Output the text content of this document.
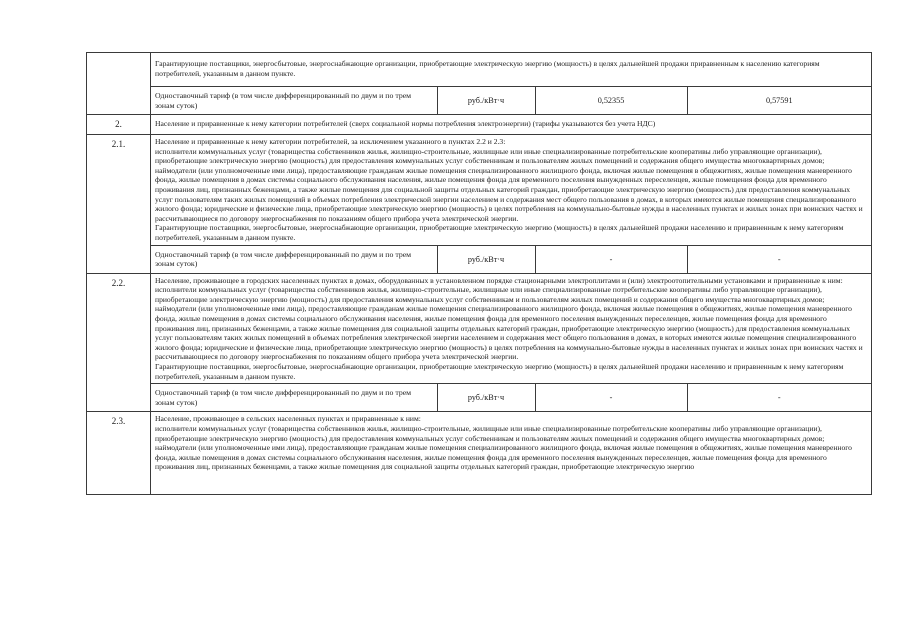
Гарантирующие поставщики, энергосбытовые, энергоснабжающие организации, приобретающие электрическую энергию (мощность) в целях дальнейшей продажи приравненным к населению категориям потребителей, указанным в данном пункте.
Одноставочный тариф (в том числе дифференцированный по двум и по трем зонам суток)	руб./кВт·ч	0,52355	0,57591

2.	Население и приравненные к нему категории потребителей (сверх социальной нормы потребления электроэнергии) (тарифы указываются без учета НДС)
2.1.	Население и приравненные к нему категории потребителей, за исключением указанного в пунктах 2.2 и 2.3:

исполнители коммунальных услуг (товарищества собственников жилья, жилищно-строительные, жилищные или иные специализированные потребительские кооперативы либо управляющие организации), приобретающие электрическую энергию (мощность) для предоставления коммунальных услуг собственникам и пользователям жилых помещений и содержания общего имущества многоквартирных домов; наймодатели (или уполномоченные ими лица), предоставляющие гражданам жилые помещения специализированного жилищного фонда, включая жилые помещения в общежитиях, жилые помещения маневренного фонда, жилые помещения в домах системы социального обслуживания населения, жилые помещения фонда для временного поселения вынужденных переселенцев, жилые помещения фонда для временного проживания лиц, признанных беженцами, а также жилые помещения для социальной защиты отдельных категорий граждан, приобретающие электрическую энергию (мощность) для предоставления коммунальных услуг пользователям таких жилых помещений в объемах потребления электрической энергии населением и содержания мест общего пользования в домах, в которых имеются жилые помещения специализированного жилого фонда; юридические и физические лица, приобретающие электрическую энергию (мощность) в целях потребления на коммунально-бытовые нужды в населенных пунктах и жилых зонах при воинских частях и рассчитывающиеся по договору энергоснабжения по показаниям общего прибора учета электрической энергии.

Гарантирующие поставщики, энергосбытовые, энергоснабжающие организации, приобретающие электрическую энергию (мощность) в целях дальнейшей продажи населению и приравненным к нему категориям потребителей, указанным в данном пункте.

Одноставочный тариф (в том числе дифференцированный по двум и по трем зонам суток)	руб./кВт·ч	-	-

2.2.	Население, проживающее в городских населенных пунктах в домах, оборудованных в установленном порядке стационарными электроплитами и (или) электроотопительными установками и приравненные к ним:

исполнители коммунальных услуг (товарищества собственников жилья, жилищно-строительные, жилищные или иные специализированные потребительские кооперативы либо управляющие организации), приобретающие электрическую энергию (мощность) для предоставления коммунальных услуг собственникам и пользователям жилых помещений и содержания общего имущества многоквартирных домов; наймодатели (или уполномоченные ими лица), предоставляющие гражданам жилые помещения специализированного жилищного фонда, включая жилые помещения в общежитиях, жилые помещения маневренного фонда, жилые помещения в домах системы социального обслуживания населения, жилые помещения фонда для временного поселения вынужденных переселенцев, жилые помещения фонда для временного проживания лиц, признанных беженцами, а также жилые помещения для социальной защиты отдельных категорий граждан, приобретающие электрическую энергию (мощность) для предоставления коммунальных услуг пользователям таких жилых помещений в объемах потребления электрической энергии населением и содержания мест общего пользования в домах, в которых имеются жилые помещения специализированного жилого фонда; юридические и физические лица, приобретающие электрическую энергию (мощность) в целях потребления на коммунально-бытовые нужды в населенных пунктах и жилых зонах при воинских частях и рассчитывающиеся по договору энергоснабжения по показаниям общего прибора учета электрической энергии.

Гарантирующие поставщики, энергосбытовые, энергоснабжающие организации, приобретающие электрическую энергию (мощность) в целях дальнейшей продажи населению и приравненным к нему категориям потребителей, указанным в данном пункте.

Одноставочный тариф (в том числе дифференцированный по двум и по трем зонам суток)	руб./кВт·ч	-	-

2.3.	Население, проживающее в сельских населенных пунктах и приравненные к ним:

исполнители коммунальных услуг (товарищества собственников жилья, жилищно-строительные, жилищные или иные специализированные потребительские кооперативы либо управляющие организации), приобретающие электрическую энергию (мощность) для предоставления коммунальных услуг собственникам и пользователям жилых помещений и содержания общего имущества многоквартирных домов; наймодатели (или уполномоченные ими лица), предоставляющие гражданам жилые помещения специализированного жилищного фонда, включая жилые помещения в общежитиях, жилые помещения маневренного фонда, жилые помещения в домах системы социального обслуживания населения, жилые помещения фонда для временного поселения вынужденных переселенцев, жилые помещения фонда для временного проживания лиц, признанных беженцами, а также жилые помещения для социальной защиты отдельных категорий граждан, приобретающие электрическую энергию
